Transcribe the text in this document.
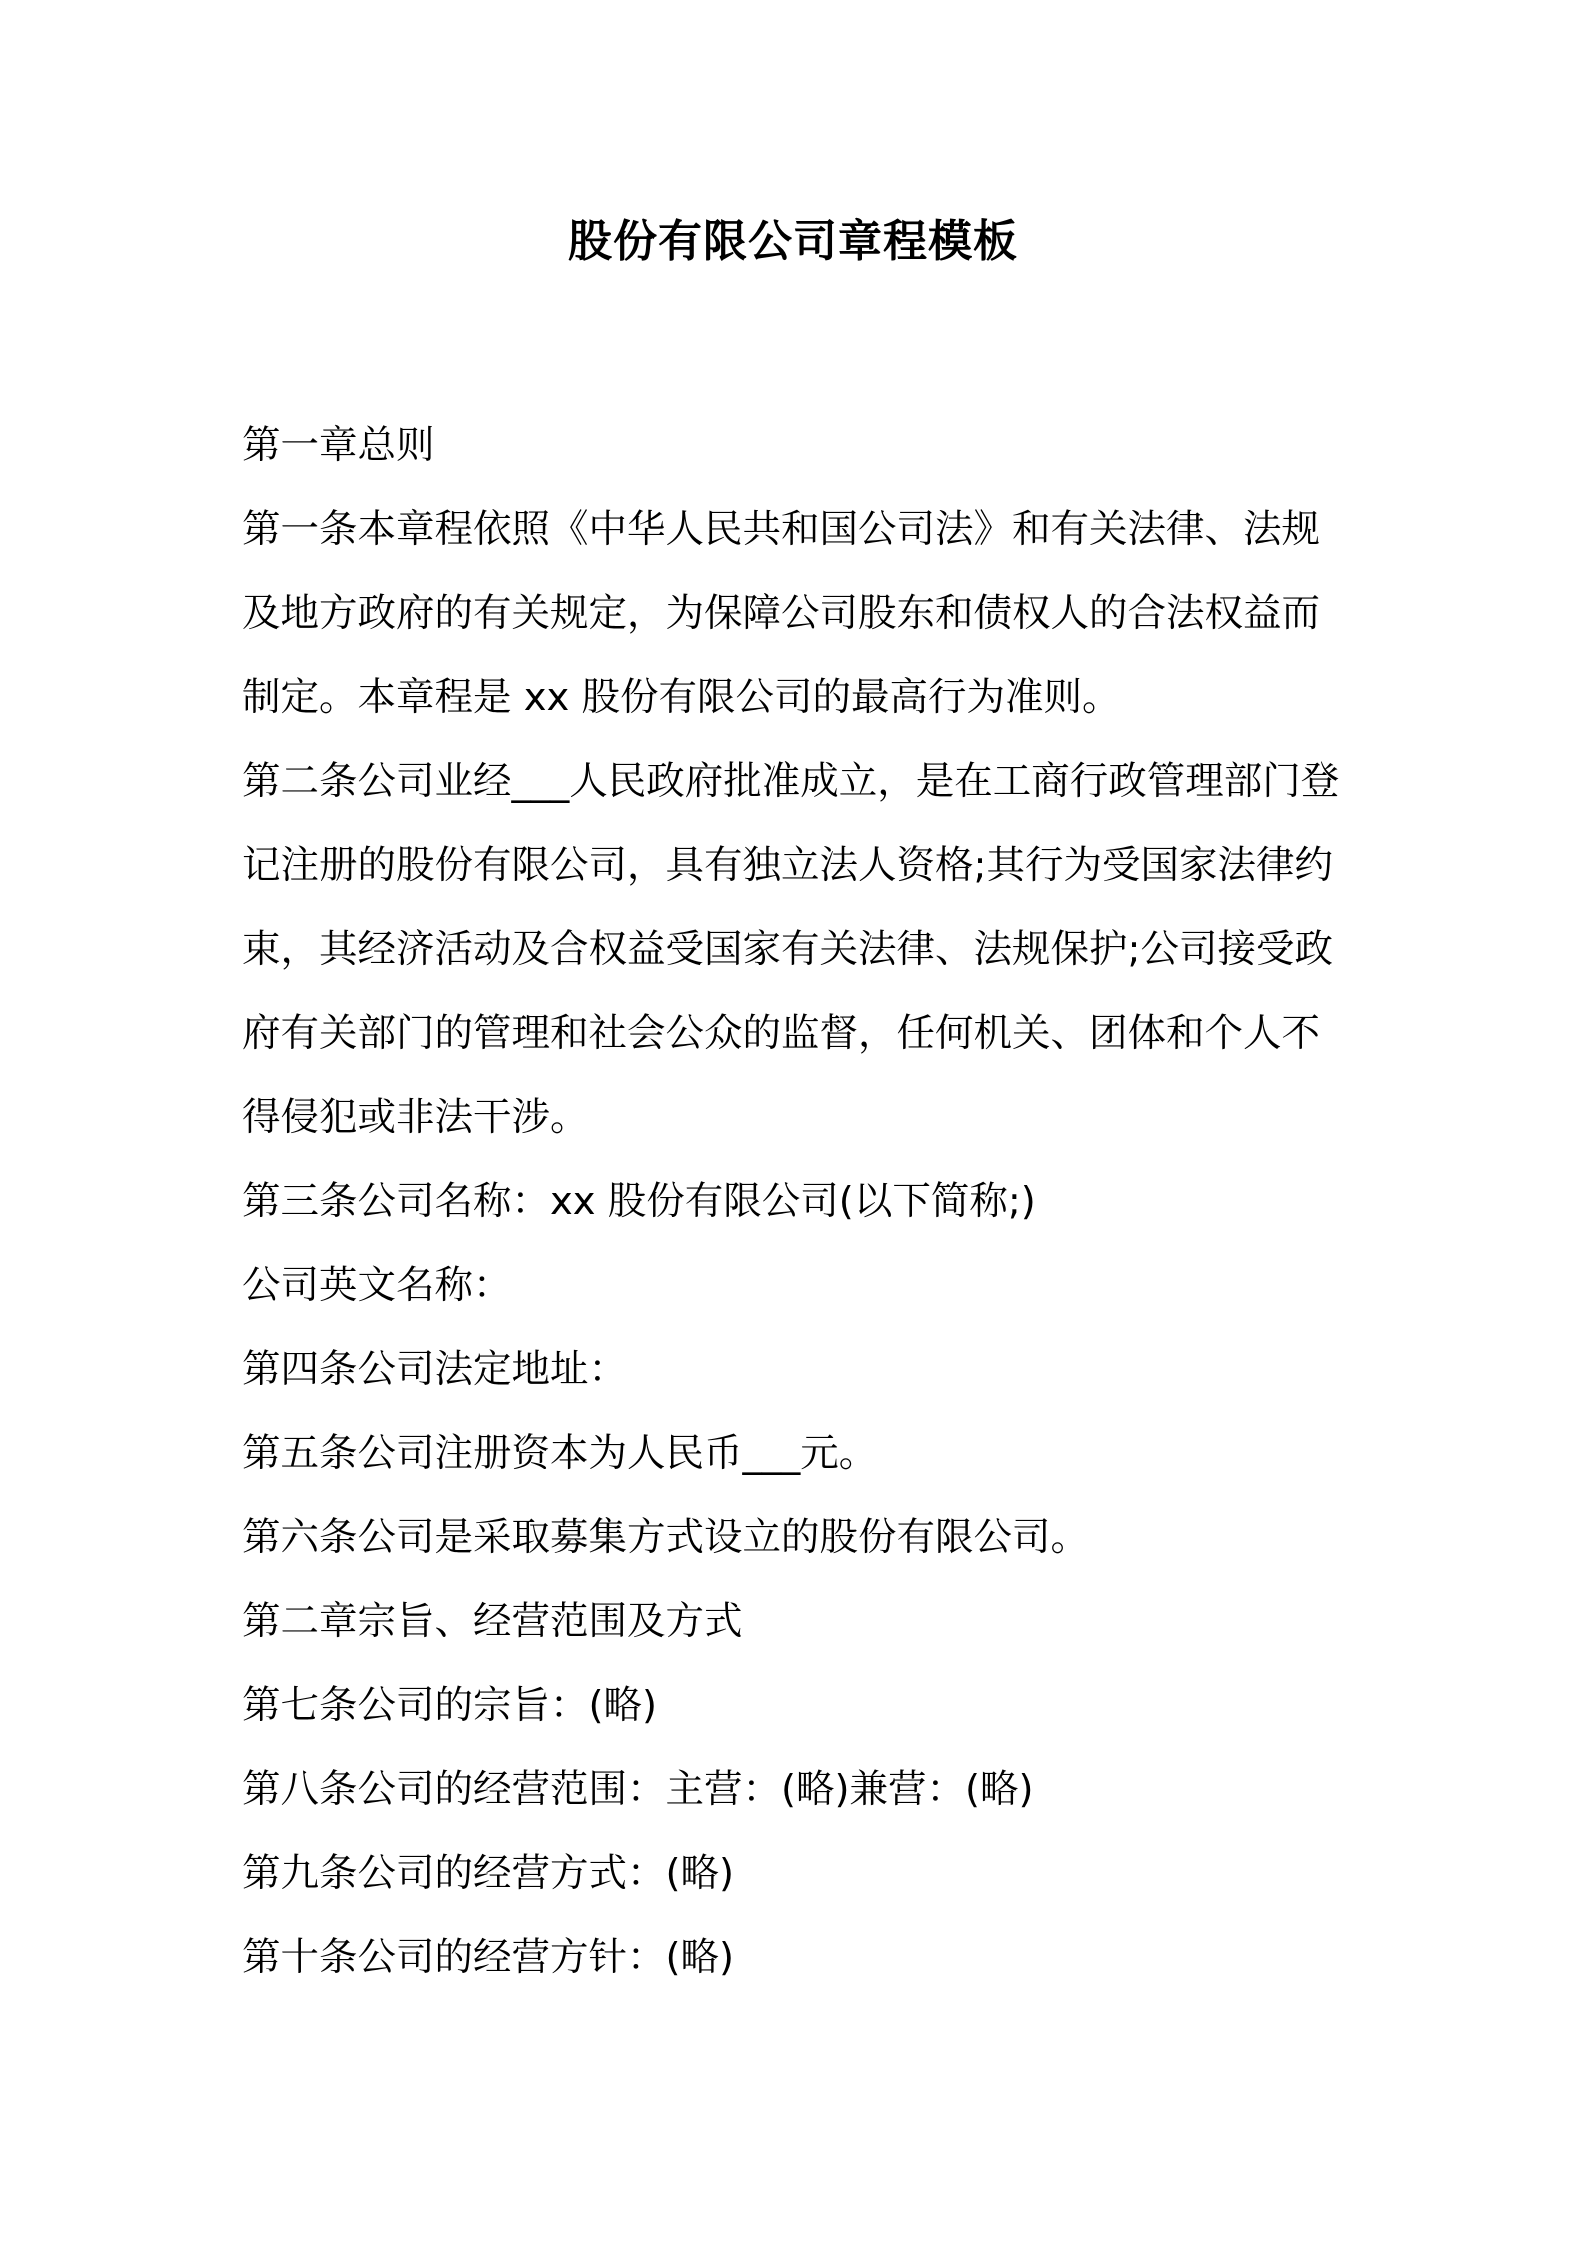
股份有限公司章程模板

第一章总则

第一条本章程依照《中华人民共和国公司法》和有关法律、法规及地方政府的有关规定，为保障公司股东和债权人的合法权益而制定。本章程是 xx 股份有限公司的最高行为准则。

第二条公司业经___人民政府批准成立，是在工商行政管理部门登记注册的股份有限公司，具有独立法人资格;其行为受国家法律约束，其经济活动及合权益受国家有关法律、法规保护;公司接受政府有关部门的管理和社会公众的监督，任何机关、团体和个人不得侵犯或非法干涉。

第三条公司名称：xx 股份有限公司(以下简称;)

公司英文名称：

第四条公司法定地址：

第五条公司注册资本为人民币___元。

第六条公司是采取募集方式设立的股份有限公司。

第二章宗旨、经营范围及方式

第七条公司的宗旨：(略)

第八条公司的经营范围：主营：(略)兼营：(略)

第九条公司的经营方式：(略)

第十条公司的经营方针：(略)
